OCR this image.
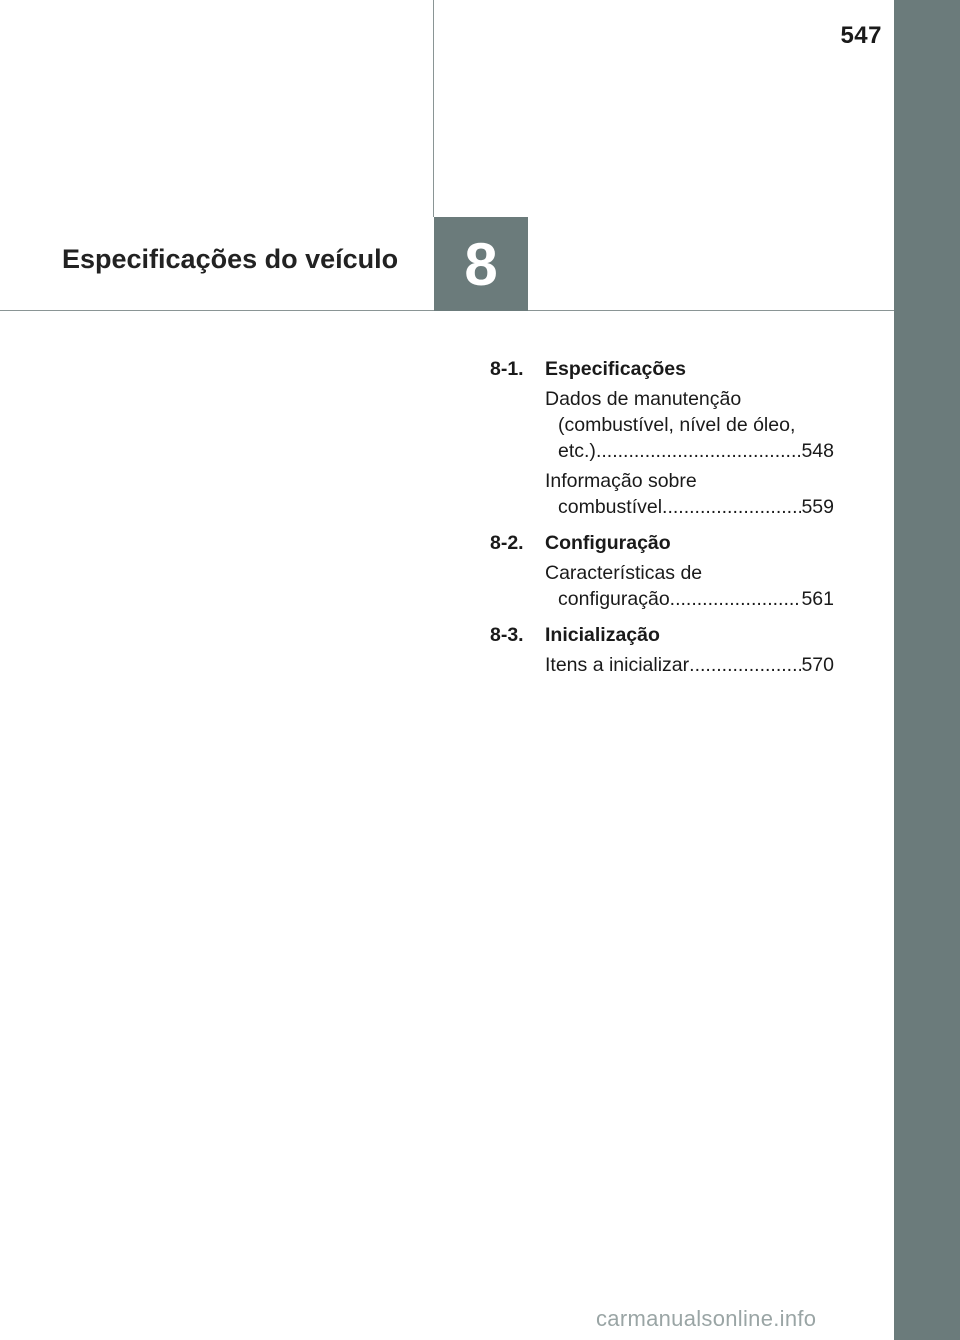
547
8
Especificações do veículo
8-1.	Especificações
Dados de manutenção
(combustível, nível de óleo,
etc.) .....	548
Informação sobre
combustível .....	559
8-2.	Configuração
Características de
configuração .....	561
8-3.	Inicialização
Itens a inicializar .....	570
carmanualsonline.info
